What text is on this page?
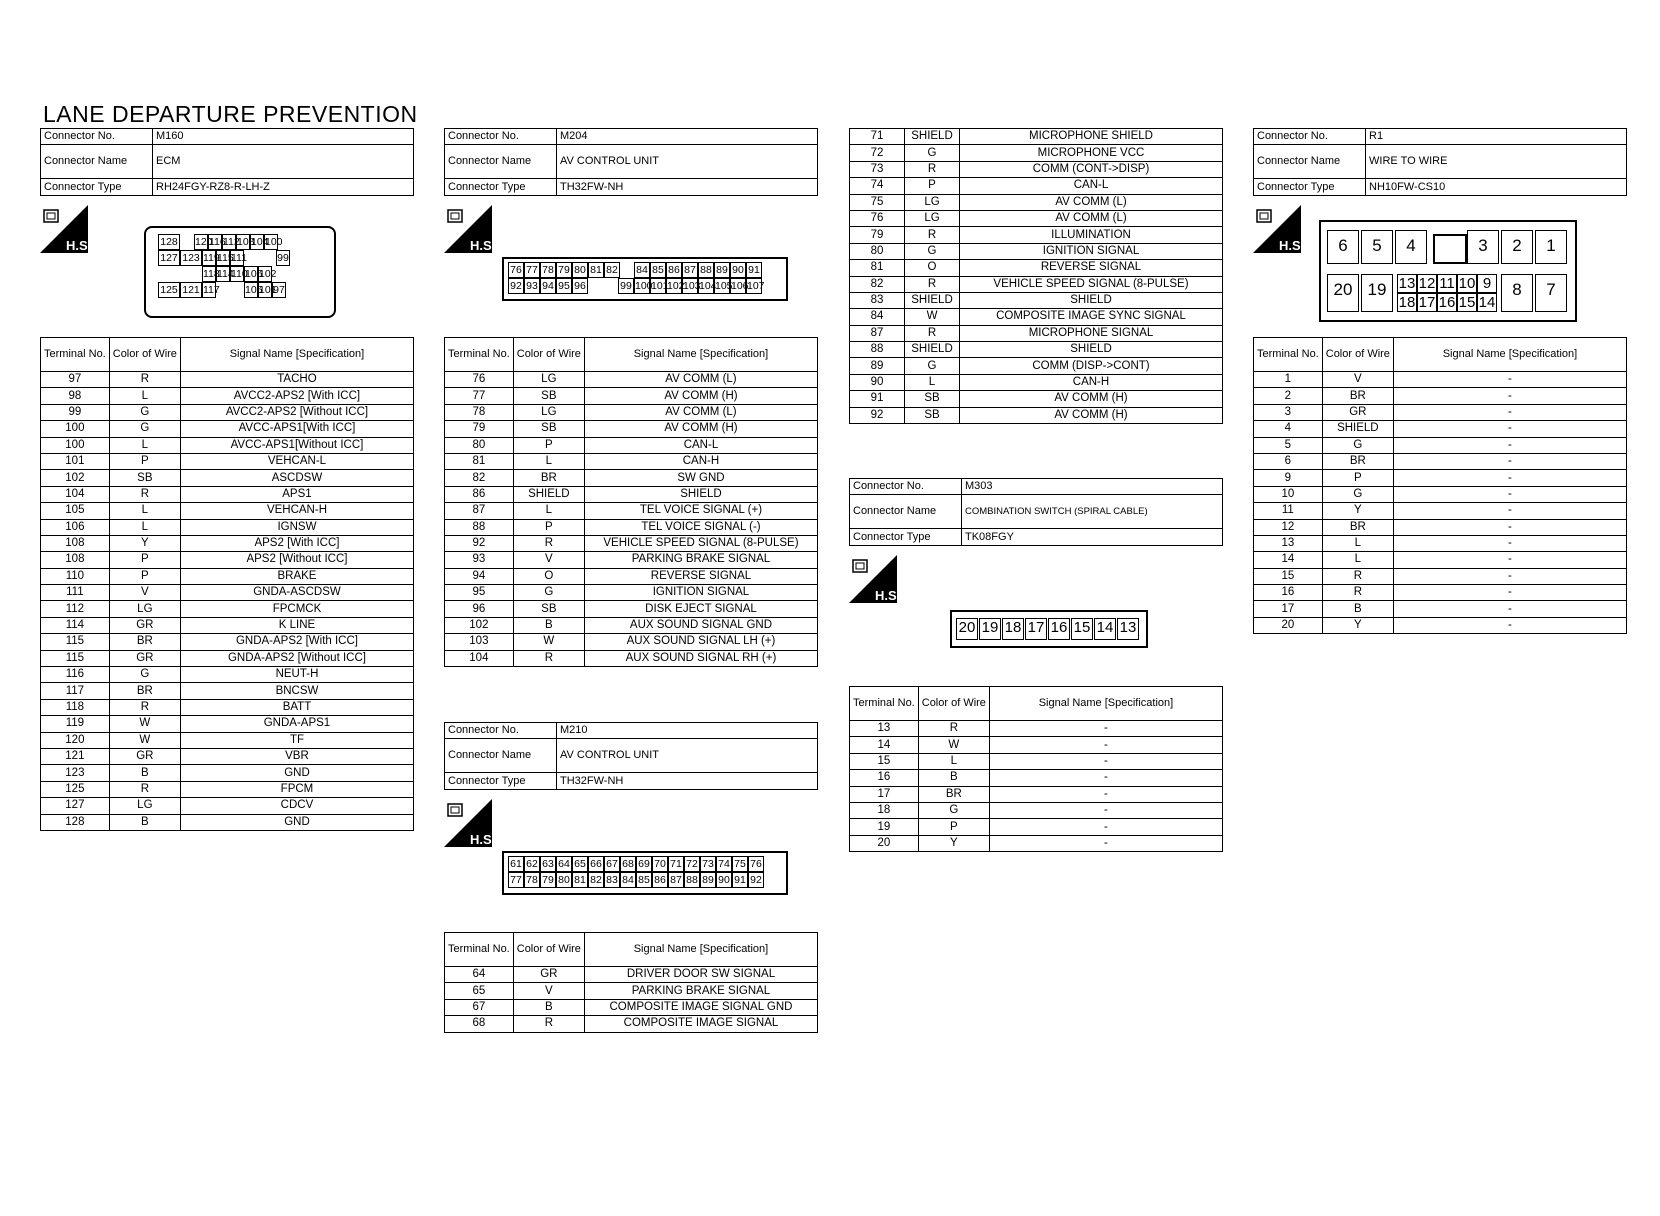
LANE DEPARTURE PREVENTION
Connector No.	M160
Connector Name	ECM
Connector Type	RH24FGY-RZ8-R-LH-Z
H.S.	128 120
116
112
108
104
100
127 123 119
115
111	99
118
114
110
106
102
125 121 117 105
101
97
Terminal No.	Color of Wire	Signal Name [Specification]
97	R	TACHO
98	L	AVCC2-APS2 [With ICC]
99	G	AVCC2-APS2 [Without ICC]
100	G	AVCC-APS1[With ICC]
100	L	AVCC-APS1[Without ICC]
101	P	VEHCAN-L
102	SB	ASCDSW
104	R	APS1
105	L	VEHCAN-H
106	L	IGNSW
108	Y	APS2 [With ICC]
108	P	APS2 [Without ICC]
110	P	BRAKE
111	V	GNDA-ASCDSW
112	LG	FPCMCK
114	GR	K LINE
115	BR	GNDA-APS2 [With ICC]
115	GR	GNDA-APS2 [Without ICC]
116	G	NEUT-H
117	BR	BNCSW
118	R	BATT
119	W	GNDA-APS1
120	W	TF
121	GR	VBR
123	B	GND
125	R	FPCM
127	LG	CDCV
128	B	GND
Connector No.	M204
Connector Name	AV CONTROL UNIT
Connector Type	TH32FW-NH
H.S.
76 77 78 79 80 81 82 84 85 86 87 88 89 90 91
92 93 94 95 96	99 100
101
102
103
104
105
106
107
Terminal No.	Color of Wire	Signal Name [Specification]
76	LG	AV COMM (L)
77	SB	AV COMM (H)
78	LG	AV COMM (L)
79	SB	AV COMM (H)
80	P	CAN-L
81	L	CAN-H
82	BR	SW GND
86	SHIELD	SHIELD
87	L	TEL VOICE SIGNAL (+)
88	P	TEL VOICE SIGNAL (-)
92	R	VEHICLE SPEED SIGNAL (8-PULSE)
93	V	PARKING BRAKE SIGNAL
94	O	REVERSE SIGNAL
95	G	IGNITION SIGNAL
96	SB	DISK EJECT SIGNAL
102	B	AUX SOUND SIGNAL GND
103	W	AUX SOUND SIGNAL LH (+)
104	R	AUX SOUND SIGNAL RH (+)
Connector No.	M210
Connector Name	AV CONTROL UNIT
Connector Type	TH32FW-NH
H.S.
61 62 63 64 65 66 67 68 69 70 71 72 73 74 75 76
77 78 79 80 81 82 83 84 85 86 87 88 89 90 91 92
Terminal No.	Color of Wire	Signal Name [Specification]
64	GR	DRIVER DOOR SW SIGNAL
65	V	PARKING BRAKE SIGNAL
67	B	COMPOSITE IMAGE SIGNAL GND
68	R	COMPOSITE IMAGE SIGNAL
71	SHIELD	MICROPHONE SHIELD
72	G	MICROPHONE VCC
73	R	COMM (CONT->DISP)
74	P	CAN-L
75	LG	AV COMM (L)
76	LG	AV COMM (L)
79	R	ILLUMINATION
80	G	IGNITION SIGNAL
81	O	REVERSE SIGNAL
82	R	VEHICLE SPEED SIGNAL (8-PULSE)
83	SHIELD	SHIELD
84	W	COMPOSITE IMAGE SYNC SIGNAL
87	R	MICROPHONE SIGNAL
88	SHIELD	SHIELD
89	G	COMM (DISP->CONT)
90	L	CAN-H
91	SB	AV COMM (H)
92	SB	AV COMM (H)
Connector No.	M303
Connector Name	COMBINATION SWITCH (SPIRAL CABLE)
Connector Type	TK08FGY
H.S.
20 19 18 17 16 15 14 13
Terminal No.	Color of Wire	Signal Name [Specification]
13	R	-
14	W	-
15	L	-
16	B	-
17	BR	-
18	G	-
19	P	-
20	Y	-
Connector No.	R1
Connector Name	WIRE TO WIRE
Connector Type	NH10FW-CS10
H.S.	6	5	4	3	2	1
20 19 13 12 11 10 9
18 17 16 15 14
8	7
Terminal No.	Color of Wire	Signal Name [Specification]
1	V	-
2	BR	-
3	GR	-
4	SHIELD	-
5	G	-
6	BR	-
9	P	-
10	G	-
11	Y	-
12	BR	-
13	L	-
14	L	-
15	R	-
16	R	-
17	B	-
20	Y	-
